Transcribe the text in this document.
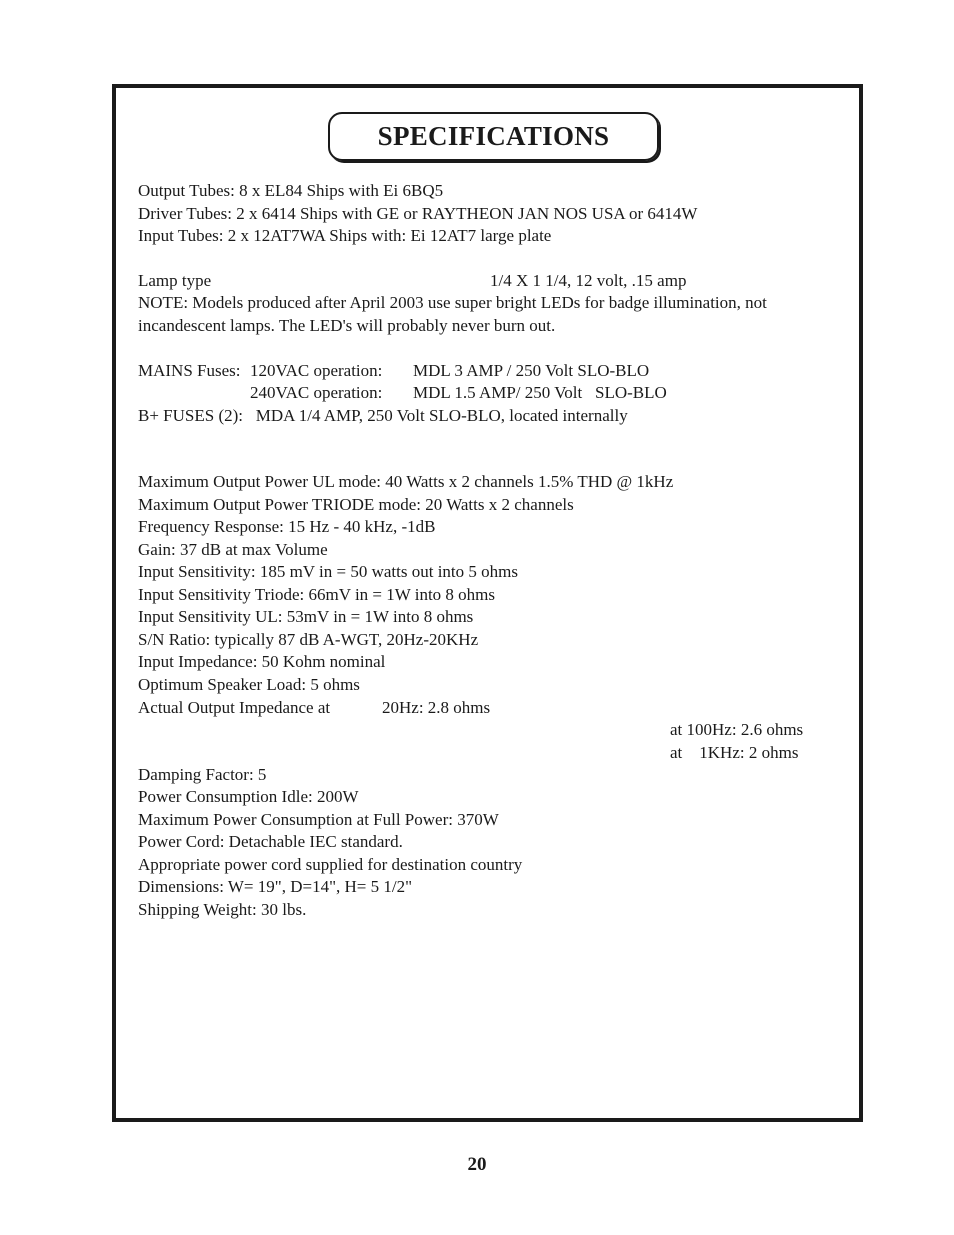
SPECIFICATIONS
Output Tubes: 8 x EL84 Ships with Ei 6BQ5
Driver Tubes: 2 x 6414 Ships with GE or RAYTHEON JAN NOS USA or 6414W
Input Tubes: 2 x 12AT7WA Ships with: Ei 12AT7 large plate
Lamp type	1/4 X 1 1/4, 12 volt, .15 amp
NOTE: Models produced after April 2003 use super bright LEDs for badge illumination, not
incandescent lamps. The LED's will probably never burn out.
MAINS Fuses: 120VAC operation: MDL 3 AMP / 250 Volt SLO-BLO
240VAC operation: MDL 1.5 AMP/ 250 Volt   SLO-BLO
B+ FUSES (2):   MDA 1/4 AMP, 250 Volt SLO-BLO, located internally
Maximum Output Power UL mode: 40 Watts x 2 channels 1.5% THD @ 1kHz
Maximum Output Power TRIODE mode: 20 Watts x 2 channels
Frequency Response: 15 Hz - 40 kHz, -1dB
Gain: 37 dB at max Volume
Input Sensitivity: 185 mV in = 50 watts out into 5 ohms
Input Sensitivity Triode: 66mV in = 1W into 8 ohms
Input Sensitivity UL: 53mV in = 1W into 8 ohms
S/N Ratio: typically 87 dB A-WGT, 20Hz-20KHz
Input Impedance: 50 Kohm nominal
Optimum Speaker Load: 5 ohms
Actual Output Impedance at	20Hz: 2.8 ohms
at 100Hz: 2.6 ohms
at    1KHz: 2 ohms
Damping Factor: 5
Power Consumption Idle: 200W
Maximum Power Consumption at Full Power: 370W
Power Cord: Detachable IEC standard.
Appropriate power cord supplied for destination country
Dimensions: W= 19", D=14", H= 5 1/2"
Shipping Weight: 30 lbs.
20
